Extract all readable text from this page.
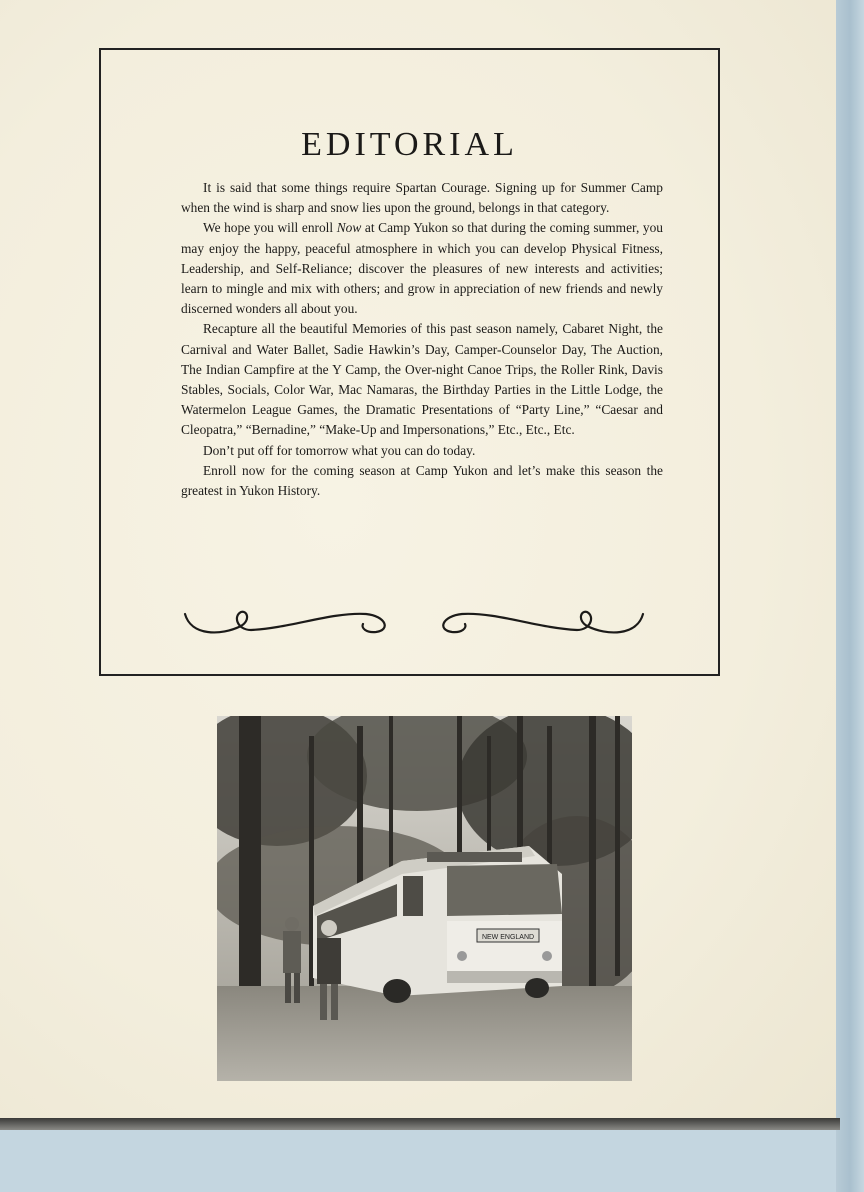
EDITORIAL

It is said that some things require Spartan Courage. Signing up for Summer Camp when the wind is sharp and snow lies upon the ground, belongs in that category.

We hope you will enroll Now at Camp Yukon so that during the coming summer, you may enjoy the happy, peaceful atmosphere in which you can develop Physical Fitness, Leadership, and Self-Reliance; discover the pleasures of new interests and activities; learn to mingle and mix with others; and grow in appreciation of new friends and newly discerned wonders all about you.

Recapture all the beautiful Memories of this past season namely, Cabaret Night, the Carnival and Water Ballet, Sadie Hawkin’s Day, Camper-Counselor Day, The Auction, The Indian Campfire at the Y Camp, the Over-night Canoe Trips, the Roller Rink, Davis Stables, Socials, Color War, Mac Namaras, the Birthday Parties in the Little Lodge, the Watermelon League Games, the Dramatic Presentations of “Party Line,” “Caesar and Cleopatra,” “Bernadine,” “Make-Up and Impersonations,” Etc., Etc., Etc.

Don’t put off for tomorrow what you can do today.

Enroll now for the coming season at Camp Yukon and let’s make this season the greatest in Yukon History.

NEW ENGLAND
